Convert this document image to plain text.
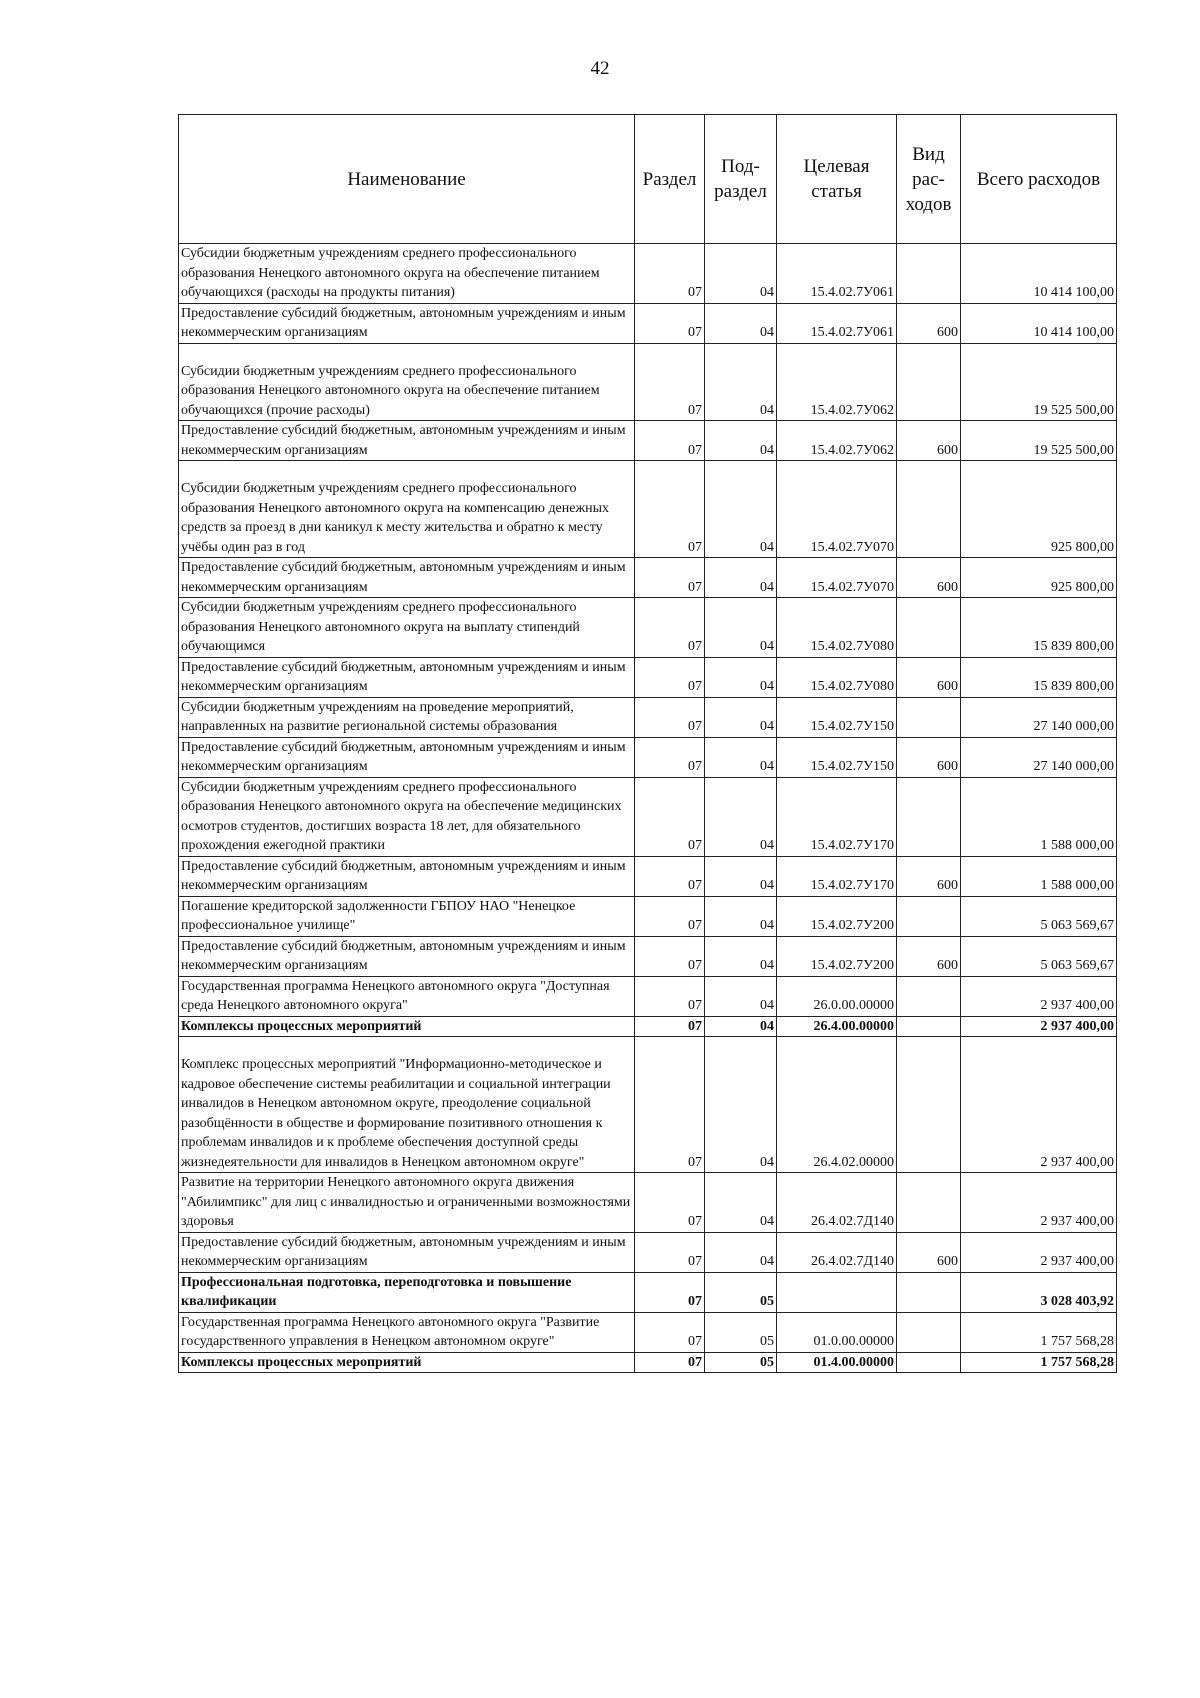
42
Наименование	Раздел	Под-раздел	Целевая статья	Вид рас-ходов	Всего расходов
Субсидии бюджетным учреждениям среднего профессионального образования Ненецкого автономного округа на обеспечение питанием обучающихся (расходы на продукты питания)	07	04	15.4.02.7У061		10 414 100,00
Предоставление субсидий бюджетным, автономным учреждениям и иным некоммерческим организациям	07	04	15.4.02.7У061	600	10 414 100,00
Субсидии бюджетным учреждениям среднего профессионального образования Ненецкого автономного округа на обеспечение питанием обучающихся (прочие расходы)	07	04	15.4.02.7У062		19 525 500,00
Предоставление субсидий бюджетным, автономным учреждениям и иным некоммерческим организациям	07	04	15.4.02.7У062	600	19 525 500,00
Субсидии бюджетным учреждениям среднего профессионального образования Ненецкого автономного округа на компенсацию денежных средств за проезд в дни каникул к месту жительства и обратно к месту учёбы один раз в год	07	04	15.4.02.7У070		925 800,00
Предоставление субсидий бюджетным, автономным учреждениям и иным некоммерческим организациям	07	04	15.4.02.7У070	600	925 800,00
Субсидии бюджетным учреждениям среднего профессионального образования Ненецкого автономного округа на выплату стипендий обучающимся	07	04	15.4.02.7У080		15 839 800,00
Предоставление субсидий бюджетным, автономным учреждениям и иным некоммерческим организациям	07	04	15.4.02.7У080	600	15 839 800,00
Субсидии бюджетным учреждениям на проведение мероприятий, направленных на развитие региональной системы образования	07	04	15.4.02.7У150		27 140 000,00
Предоставление субсидий бюджетным, автономным учреждениям и иным некоммерческим организациям	07	04	15.4.02.7У150	600	27 140 000,00
Субсидии бюджетным учреждениям среднего профессионального образования Ненецкого автономного округа на обеспечение медицинских осмотров студентов, достигших возраста 18 лет, для обязательного прохождения ежегодной практики	07	04	15.4.02.7У170		1 588 000,00
Предоставление субсидий бюджетным, автономным учреждениям и иным некоммерческим организациям	07	04	15.4.02.7У170	600	1 588 000,00
Погашение кредиторской задолженности ГБПОУ НАО "Ненецкое профессиональное училище"	07	04	15.4.02.7У200		5 063 569,67
Предоставление субсидий бюджетным, автономным учреждениям и иным некоммерческим организациям	07	04	15.4.02.7У200	600	5 063 569,67
Государственная программа Ненецкого автономного округа "Доступная среда Ненецкого автономного округа"	07	04	26.0.00.00000		2 937 400,00
Комплексы процессных мероприятий	07	04	26.4.00.00000		2 937 400,00
Комплекс процессных мероприятий "Информационно-методическое и кадровое обеспечение системы реабилитации и социальной интеграции инвалидов в Ненецком автономном округе, преодоление социальной разобщённости в обществе и формирование позитивного отношения к проблемам инвалидов и к проблеме обеспечения доступной среды жизнедеятельности для инвалидов в Ненецком автономном округе"	07	04	26.4.02.00000		2 937 400,00
Развитие на территории Ненецкого автономного округа движения "Абилимпикс" для лиц с инвалидностью и ограниченными возможностями здоровья	07	04	26.4.02.7Д140		2 937 400,00
Предоставление субсидий бюджетным, автономным учреждениям и иным некоммерческим организациям	07	04	26.4.02.7Д140	600	2 937 400,00
Профессиональная подготовка, переподготовка и повышение квалификации	07	05			3 028 403,92
Государственная программа Ненецкого автономного округа "Развитие государственного управления в Ненецком автономном округе"	07	05	01.0.00.00000		1 757 568,28
Комплексы процессных мероприятий	07	05	01.4.00.00000		1 757 568,28
